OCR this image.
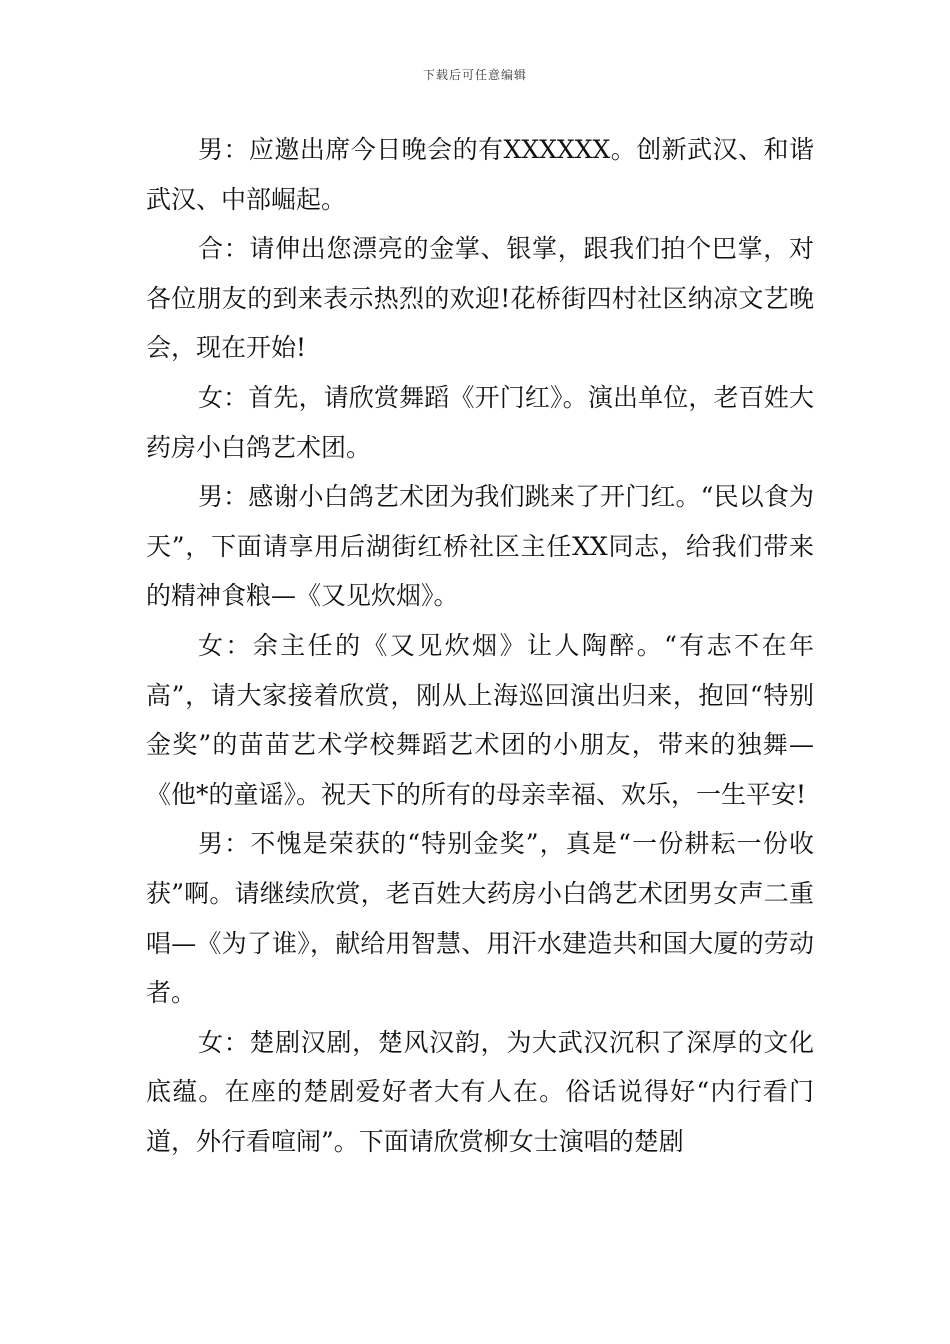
下载后可任意编辑

男：应邀出席今日晚会的有XXXXXX。创新武汉、和谐武汉、中部崛起。

合：请伸出您漂亮的金掌、银掌，跟我们拍个巴掌，对各位朋友的到来表示热烈的欢迎!花桥街四村社区纳凉文艺晚会，现在开始!

女：首先，请欣赏舞蹈《开门红》。演出单位，老百姓大药房小白鸽艺术团。

男：感谢小白鸽艺术团为我们跳来了开门红。“民以食为天”，下面请享用后湖街红桥社区主任XX同志，给我们带来的精神食粮—《又见炊烟》。

女：余主任的《又见炊烟》让人陶醉。“有志不在年高”，请大家接着欣赏，刚从上海巡回演出归来，抱回“特别金奖”的苗苗艺术学校舞蹈艺术团的小朋友，带来的独舞—《他*的童谣》。祝天下的所有的母亲幸福、欢乐，一生平安!

男：不愧是荣获的“特别金奖”，真是“一份耕耘一份收获”啊。请继续欣赏，老百姓大药房小白鸽艺术团男女声二重唱—《为了谁》，献给用智慧、用汗水建造共和国大厦的劳动者。

女：楚剧汉剧，楚风汉韵，为大武汉沉积了深厚的文化底蕴。在座的楚剧爱好者大有人在。俗话说得好“内行看门道，外行看喧闹”。下面请欣赏柳女士演唱的楚剧
